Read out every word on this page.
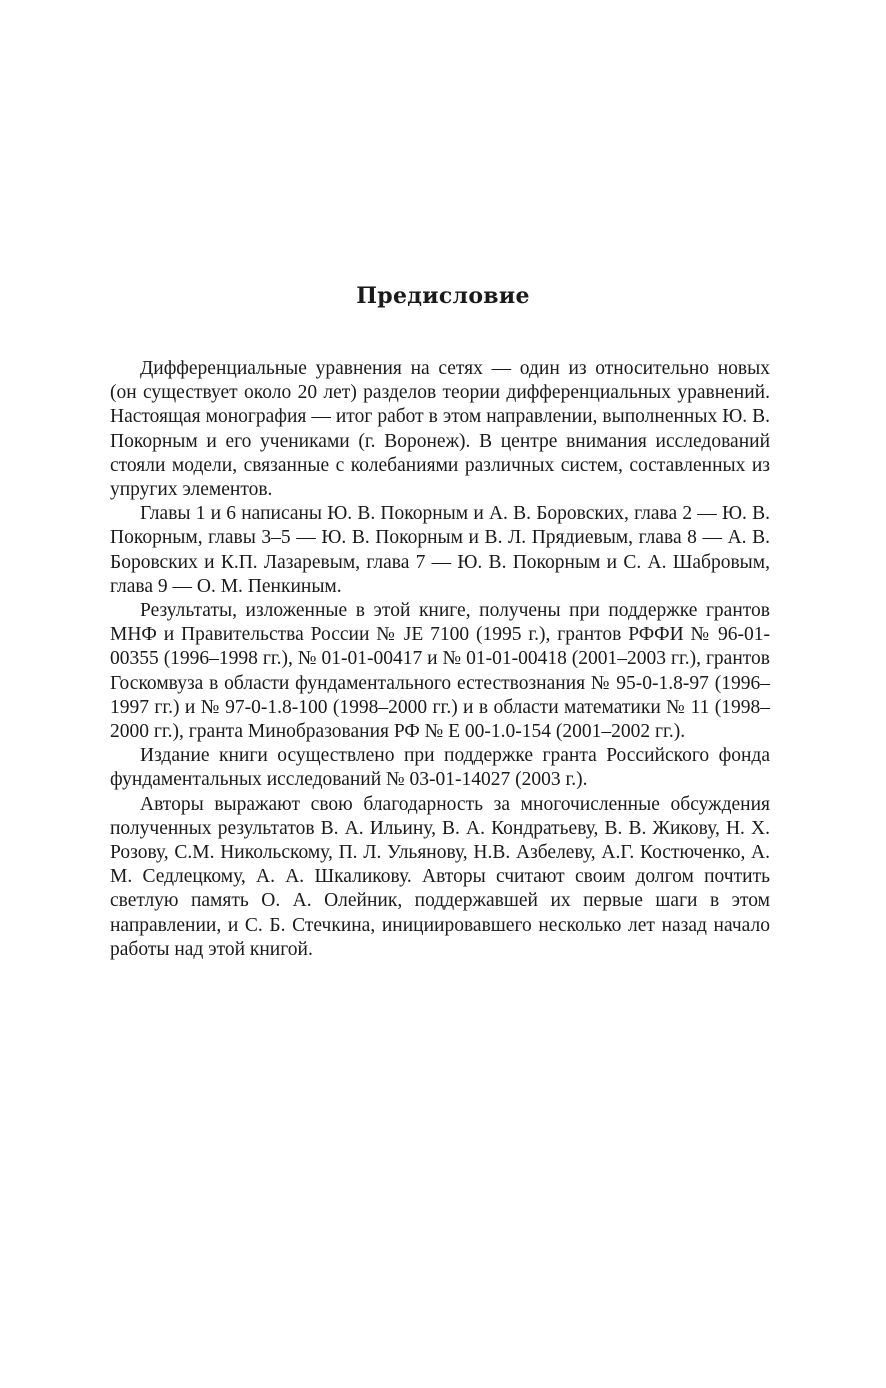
Предисловие

Дифференциальные уравнения на сетях — один из относительно новых (он существует около 20 лет) разделов теории дифференциальных уравнений. Настоящая монография — итог работ в этом направлении, выполненных Ю. В. Покорным и его учениками (г. Воронеж). В центре внимания исследований стояли модели, связанные с колебаниями различных систем, составленных из упругих элементов.

Главы 1 и 6 написаны Ю. В. Покорным и А. В. Боровских, глава 2 — Ю. В. Покорным, главы 3–5 — Ю. В. Покорным и В. Л. Прядиевым, глава 8 — А. В. Боровских и К.П. Лазаревым, глава 7 — Ю. В. Покорным и С. А. Шабровым, глава 9 — О. М. Пенкиным.

Результаты, изложенные в этой книге, получены при поддержке грантов МНФ и Правительства России № JE 7100 (1995 г.), грантов РФФИ № 96-01-00355 (1996–1998 гг.), № 01-01-00417 и № 01-01-00418 (2001–2003 гг.), грантов Госкомвуза в области фундаментального естествознания № 95-0-1.8-97 (1996–1997 гг.) и № 97-0-1.8-100 (1998–2000 гг.) и в области математики № 11 (1998–2000 гг.), гранта Минобразования РФ № Е 00-1.0-154 (2001–2002 гг.).

Издание книги осуществлено при поддержке гранта Российского фонда фундаментальных исследований № 03-01-14027 (2003 г.).

Авторы выражают свою благодарность за многочисленные обсуждения полученных результатов В. А. Ильину, В. А. Кондратьеву, В. В. Жикову, Н. Х. Розову, С.М. Никольскому, П. Л. Ульянову, Н.В. Азбелеву, А.Г. Костюченко, А. М. Седлецкому, А. А. Шкаликову. Авторы считают своим долгом почтить светлую память О. А. Олейник, поддержавшей их первые шаги в этом направлении, и С. Б. Стечкина, инициировавшего несколько лет назад начало работы над этой книгой.
